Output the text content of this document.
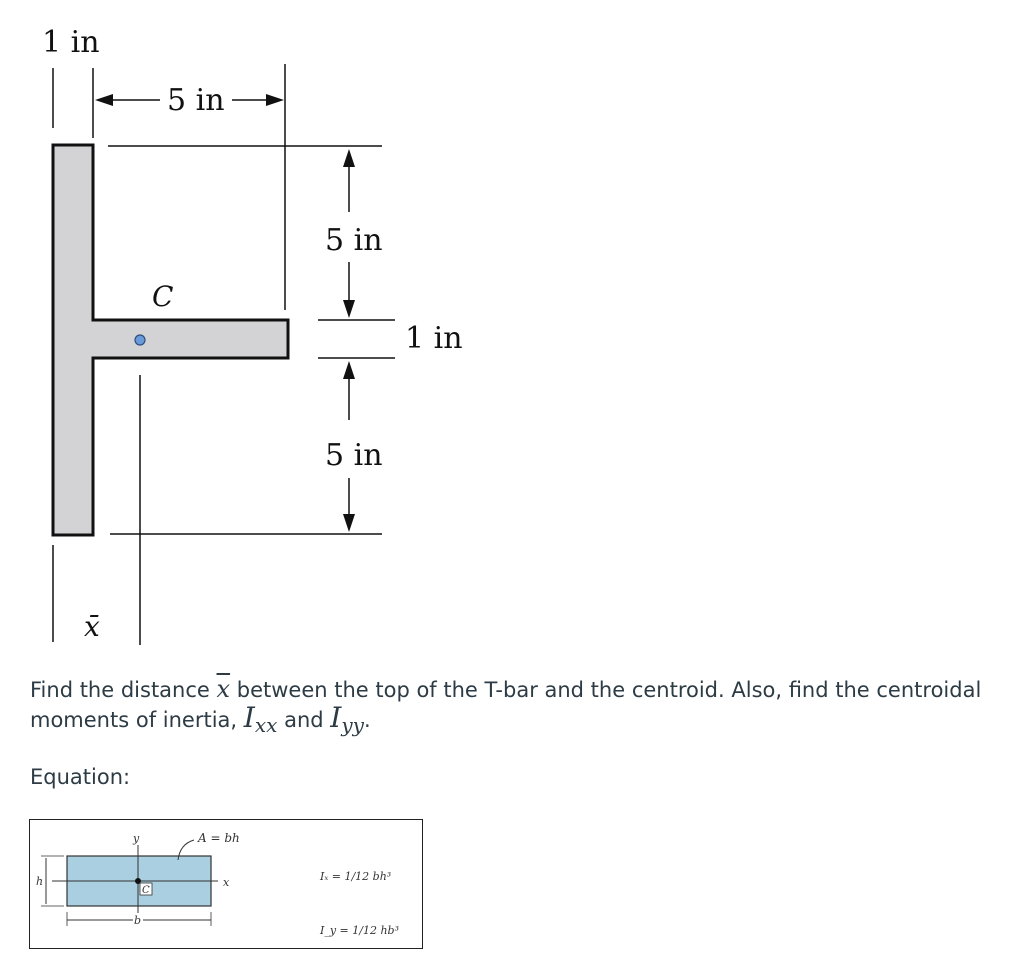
1 in
5 in
5 in
1 in
5 in
C
x̄
Find the distance $\overline{x}$ between the top of the T-bar and the centroid. Also, find the centroidal moments of inertia, Ixx and Iyy.
Equation:
y
x
C
A = bh
h
b
Iₓ = 1/12 bh³
I_y = 1/12 hb³
